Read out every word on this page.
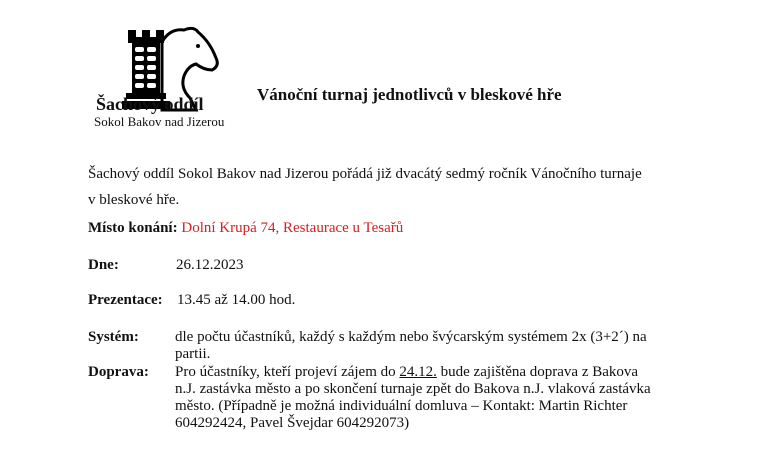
Šachový oddíl
Sokol Bakov nad Jizerou
Vánoční turnaj jednotlivců v bleskové hře
Šachový oddíl Sokol Bakov nad Jizerou pořádá již dvacátý sedmý ročník Vánočního turnaje
v bleskové hře.
Místo konání: Dolní Krupá 74, Restaurace u Tesařů
Dne:	26.12.2023
Prezentace: 13.45 až 14.00 hod.
Systém: dle počtu účastníků, každý s každým nebo švýcarským systémem 2x (3+2´) na
partii.
Doprava: Pro účastníky, kteří projeví zájem do 24.12. bude zajištěna doprava z Bakova
n.J. zastávka město a po skončení turnaje zpět do Bakova n.J. vlaková zastávka
město. (Případně je možná individuální domluva – Kontakt: Martin Richter
604292424, Pavel Švejdar 604292073)
